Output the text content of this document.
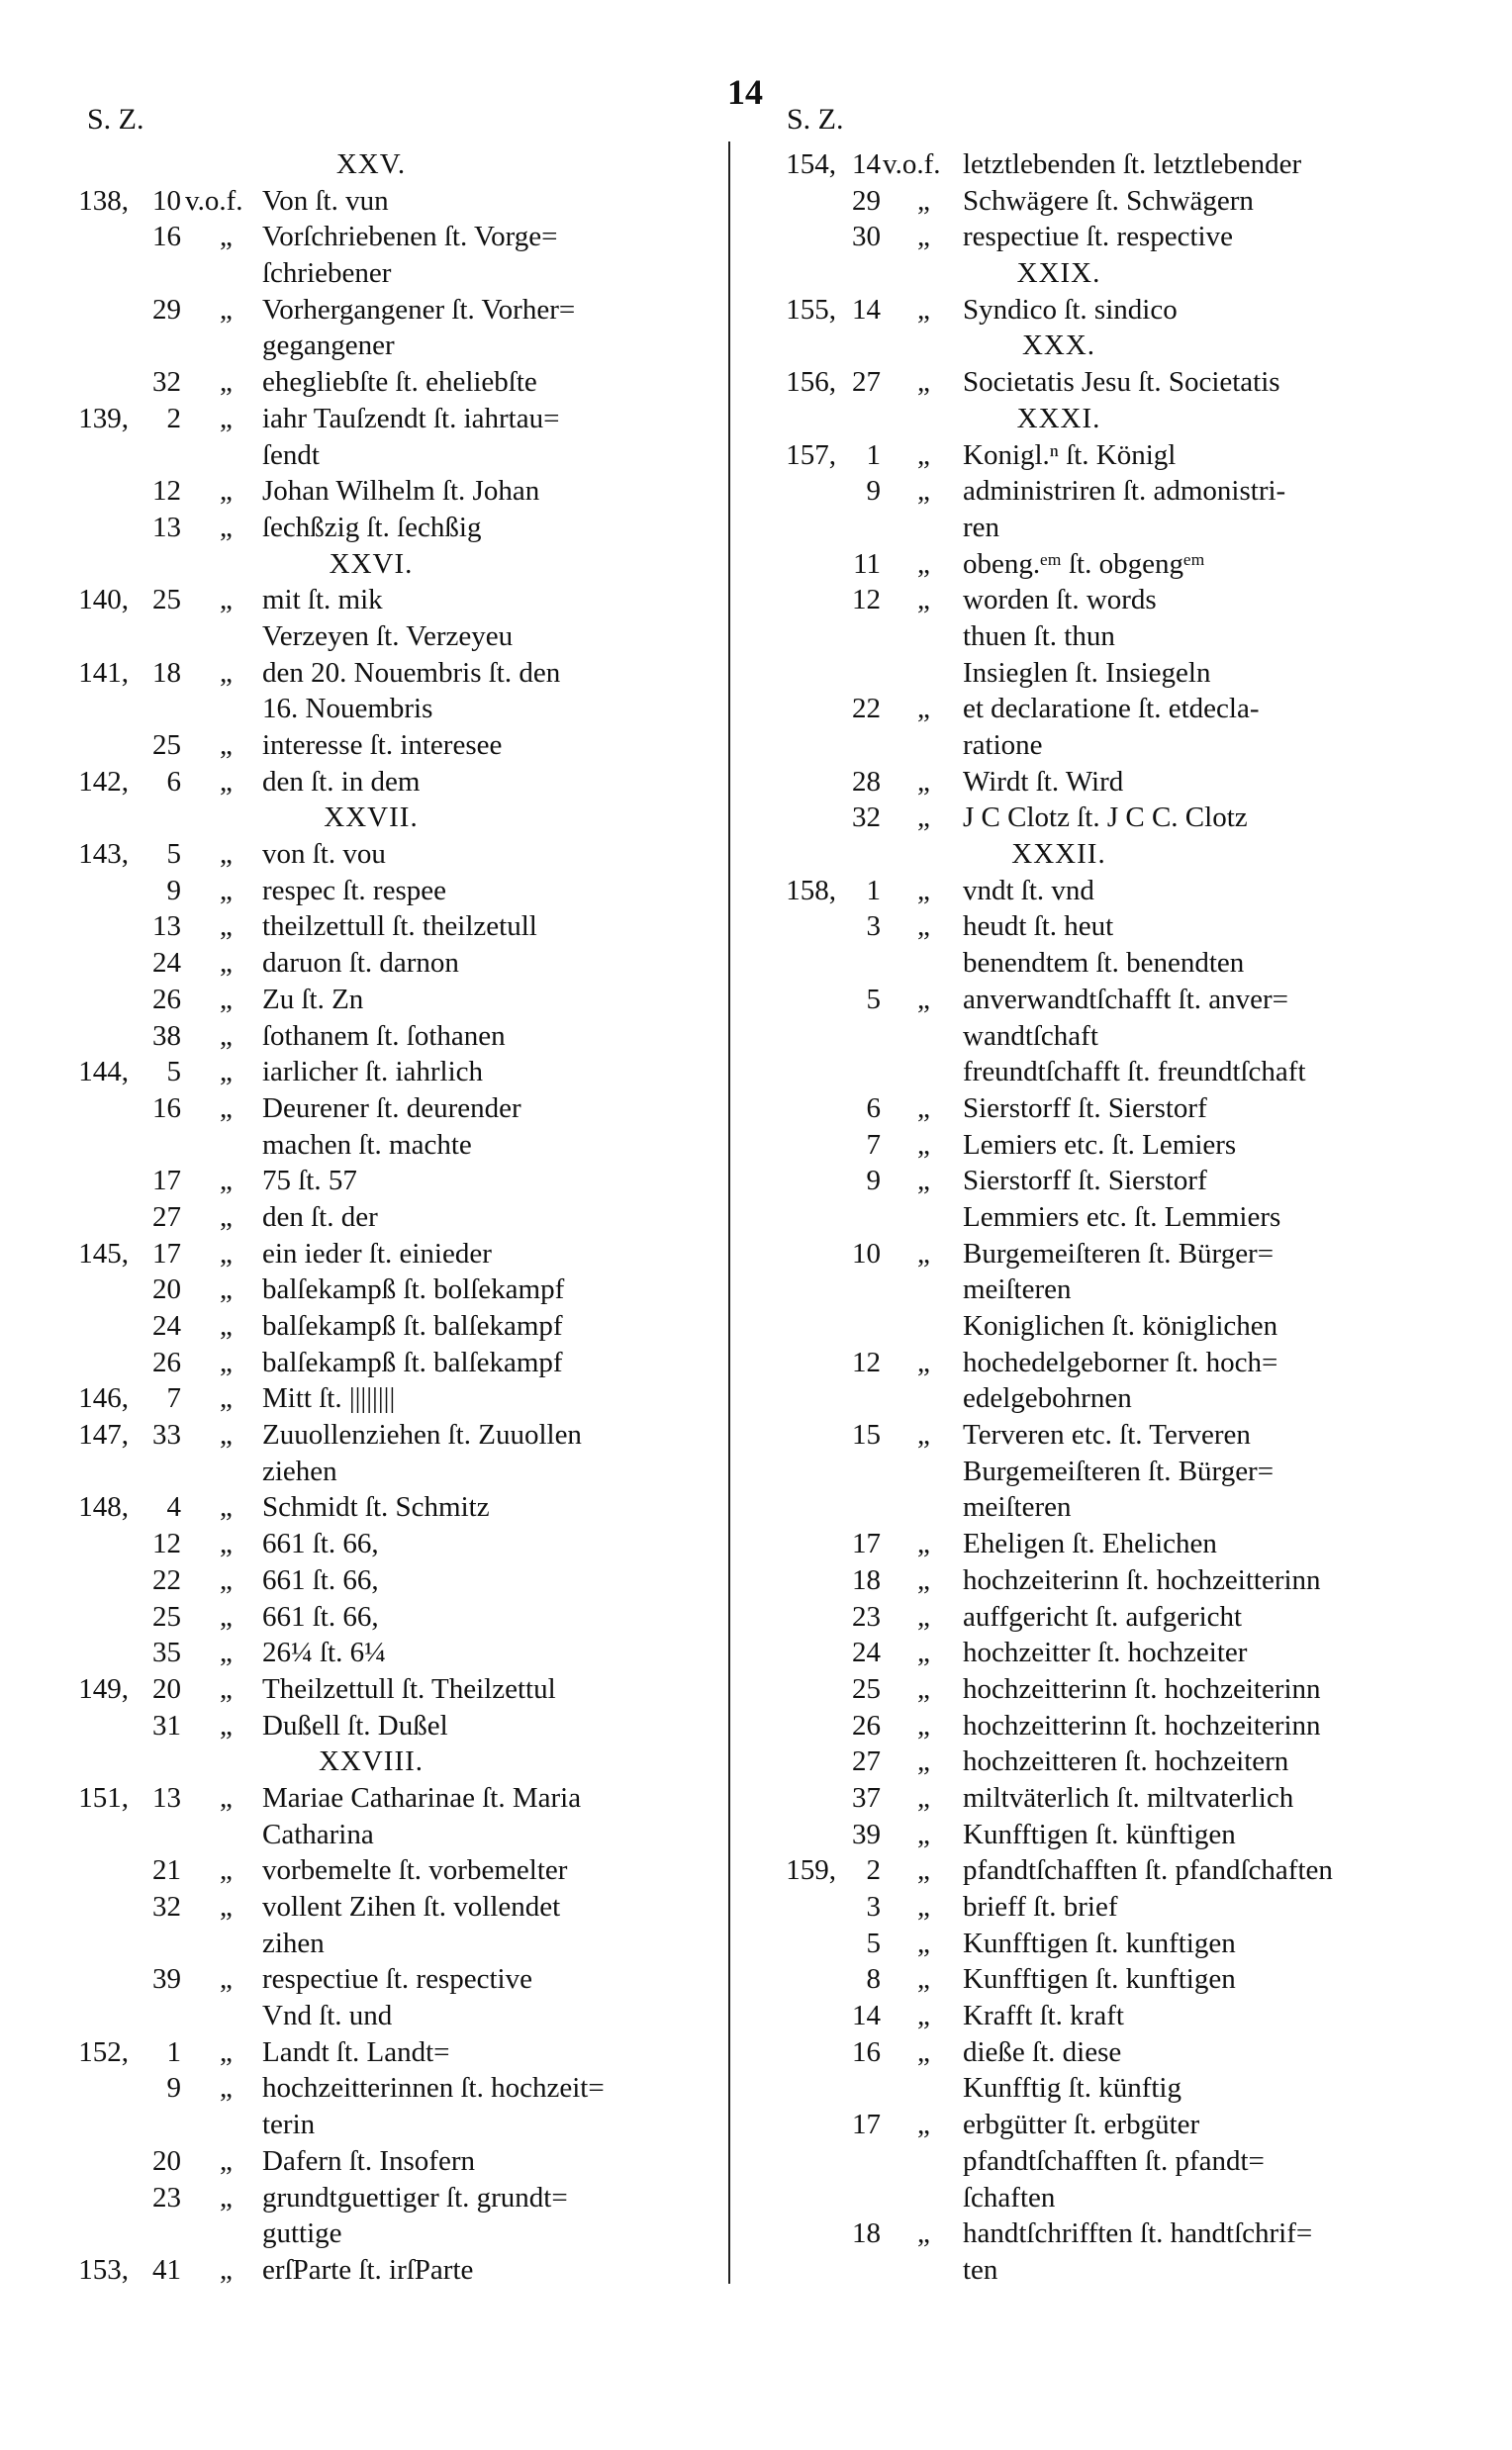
14
S. Z.	S. Z.
XXV.
138, 10 v.o.f. Von ſt. vun
16 „ Vorſchriebenen ſt. Vorge=
ſchriebener
29 „ Vorhergangener ſt. Vorher=
gegangener
32 „ ehegliebſte ſt. eheliebſte
139,	2 „ iahr Tauſzendt ſt. iahrtau=
ſendt
12 „ Johan Wilhelm ſt. Johan
13 „ ſechßzig ſt. ſechßig
XXVI.
140, 25 „ mit ſt. mik
Verzeyen ſt. Verzeyeu
141, 18 „ den 20. Nouembris ſt. den
16. Nouembris
25 „ interesse ſt. interesee
142,	6 „ den ſt. in dem
XXVII.
143,	5 „ von ſt. vou
9 „ respec ſt. respee
13 „ theilzettull ſt. theilzetull
24 „ daruon ſt. darnon
26 „ Zu ſt. Zn
38 „ ſothanem ſt. ſothanen
144,	5 „ iarlicher ſt. iahrlich
16 „ Deurener ſt. deurender
machen ſt. machte
17 „ 75 ſt. 57
27 „ den ſt. der
145, 17 „ ein ieder ſt. einieder
20 „ balſekampß ſt. bolſekampf
24 „ balſekampß ſt. balſekampf
26 „ balſekampß ſt. balſekampf
146,	7 „ Mitt ſt. ||||||||
147, 33 „ Zuuollenziehen ſt. Zuuollen
ziehen
148,	4 „ Schmidt ſt. Schmitz
12 „ 661 ſt. 66,
22 „ 661 ſt. 66,
25 „ 661 ſt. 66,
35 „ 26¼ ſt. 6¼
149, 20 „ Theilzettull ſt. Theilzettul
31 „ Dußell ſt. Dußel
XXVIII.
151, 13 „ Mariae Catharinae ſt. Maria
Catharina
21 „ vorbemelte ſt. vorbemelter
32 „ vollent Zihen ſt. vollendet
zihen
39 „ respectiue ſt. respective
Vnd ſt. und
152,	1 „ Landt ſt. Landt=
9 „ hochzeitterinnen ſt. hochzeit=
terin
20 „ Dafern ſt. Insofern
23 „ grundtguettiger ſt. grundt=
guttige
153, 41 „ erſParte ſt. irſParte
154, 14 v.o.f. letztlebenden ſt. letztlebender
29 „ Schwägere ſt. Schwägern
30 „ respectiue ſt. respective
XXIX.
155, 14 „ Syndico ſt. sindico
XXX.
156, 27 „ Societatis Jesu ſt. Societatis
XXXI.
157,	1 „ Konigl.ⁿ ſt. Königl
9 „ administriren ſt. admonistri-
ren
11 „ obeng.ᵉᵐ ſt. obgengᵉᵐ
12 „ worden ſt. words
thuen ſt. thun
Insieglen ſt. Insiegeln
22 „ et declaratione ſt. etdecla-
ratione
28 „ Wirdt ſt. Wird
32 „ J C Clotz ſt. J C C. Clotz
XXXII.
158,	1 „ vndt ſt. vnd
3 „ heudt ſt. heut
benendtem ſt. benendten
5 „ anverwandtſchafft ſt. anver=
wandtſchaft
freundtſchafft ſt. freundtſchaft
6 „ Sierstorff ſt. Sierstorf
7 „ Lemiers etc. ſt. Lemiers
9 „ Sierstorff ſt. Sierstorf
Lemmiers etc. ſt. Lemmiers
10 „ Burgemeiſteren ſt. Bürger=
meiſteren
Koniglichen ſt. königlichen
12 „ hochedelgeborner ſt. hoch=
edelgebohrnen
15 „ Terveren etc. ſt. Terveren
Burgemeiſteren ſt. Bürger=
meiſteren
17 „ Eheligen ſt. Ehelichen
18 „ hochzeiterinn ſt. hochzeitterinn
23 „ auffgericht ſt. aufgericht
24 „ hochzeitter ſt. hochzeiter
25 „ hochzeitterinn ſt. hochzeiterinn
26 „ hochzeitterinn ſt. hochzeiterinn
27 „ hochzeitteren ſt. hochzeitern
37 „ miltväterlich ſt. miltvaterlich
39 „ Kunfftigen ſt. künftigen
159,	2 „ pfandtſchafften ſt. pfandſchaften
3 „ brieff ſt. brief
5 „ Kunfftigen ſt. kunftigen
8 „ Kunfftigen ſt. kunftigen
14 „ Krafft ſt. kraft
16 „ dieße ſt. diese
Kunfftig ſt. künftig
17 „ erbgütter ſt. erbgüter
pfandtſchafften ſt. pfandt=
ſchaften
18 „ handtſchrifften ſt. handtſchrif=
ten
